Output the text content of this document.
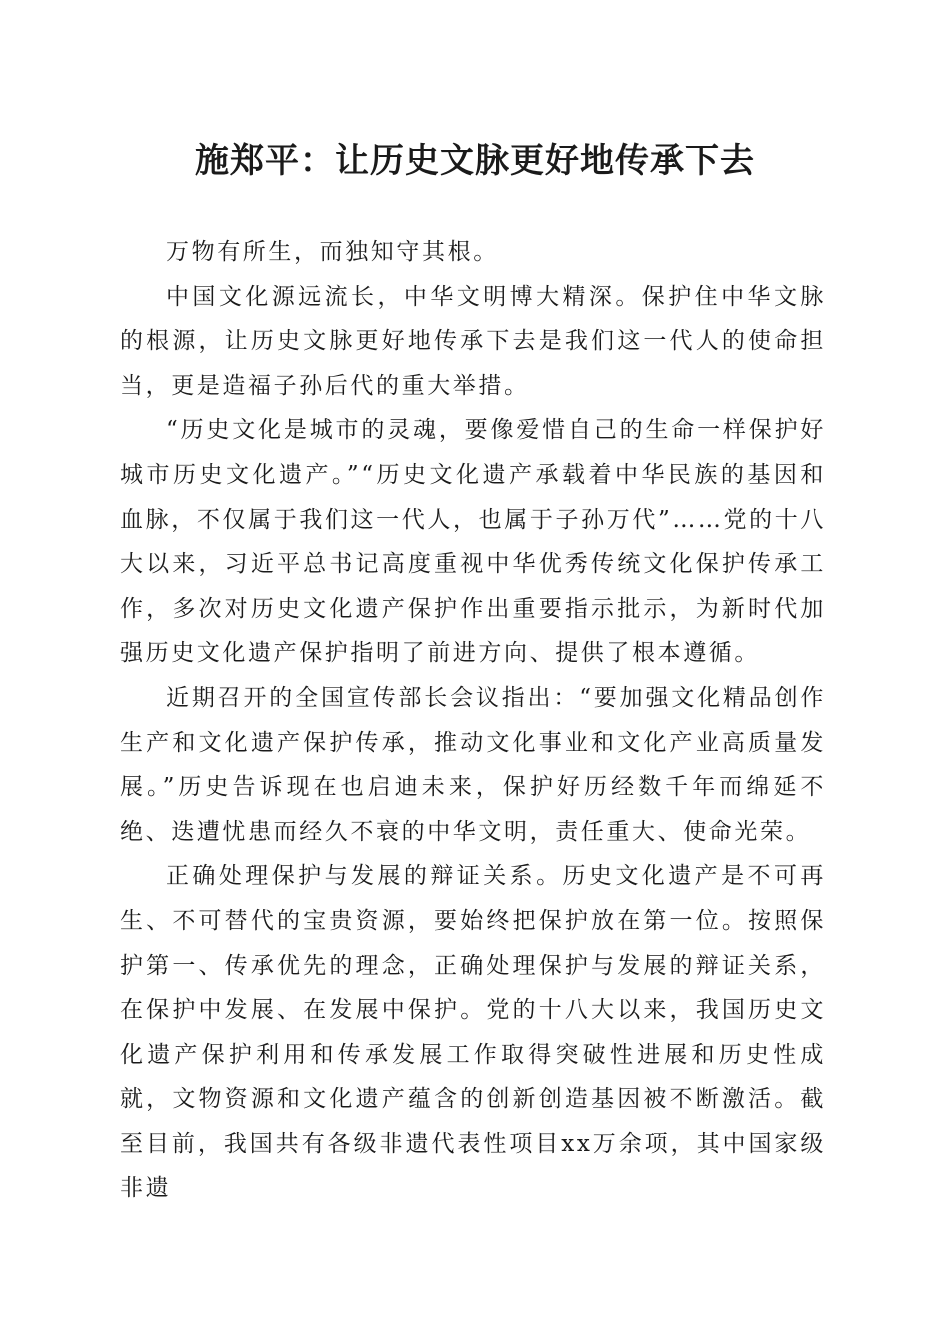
施郑平：让历史文脉更好地传承下去

万物有所生，而独知守其根。

中国文化源远流长，中华文明博大精深。保护住中华文脉的根源，让历史文脉更好地传承下去是我们这一代人的使命担当，更是造福子孙后代的重大举措。

“历史文化是城市的灵魂，要像爱惜自己的生命一样保护好城市历史文化遗产。”“历史文化遗产承载着中华民族的基因和血脉，不仅属于我们这一代人，也属于子孙万代”……党的十八大以来，习近平总书记高度重视中华优秀传统文化保护传承工作，多次对历史文化遗产保护作出重要指示批示，为新时代加强历史文化遗产保护指明了前进方向、提供了根本遵循。

近期召开的全国宣传部长会议指出：“要加强文化精品创作生产和文化遗产保护传承，推动文化事业和文化产业高质量发展。”历史告诉现在也启迪未来，保护好历经数千年而绵延不绝、迭遭忧患而经久不衰的中华文明，责任重大、使命光荣。

正确处理保护与发展的辩证关系。历史文化遗产是不可再生、不可替代的宝贵资源，要始终把保护放在第一位。按照保护第一、传承优先的理念，正确处理保护与发展的辩证关系，在保护中发展、在发展中保护。党的十八大以来，我国历史文化遗产保护利用和传承发展工作取得突破性进展和历史性成就，文物资源和文化遗产蕴含的创新创造基因被不断激活。截至目前，我国共有各级非遗代表性项目xx万余项，其中国家级非遗
